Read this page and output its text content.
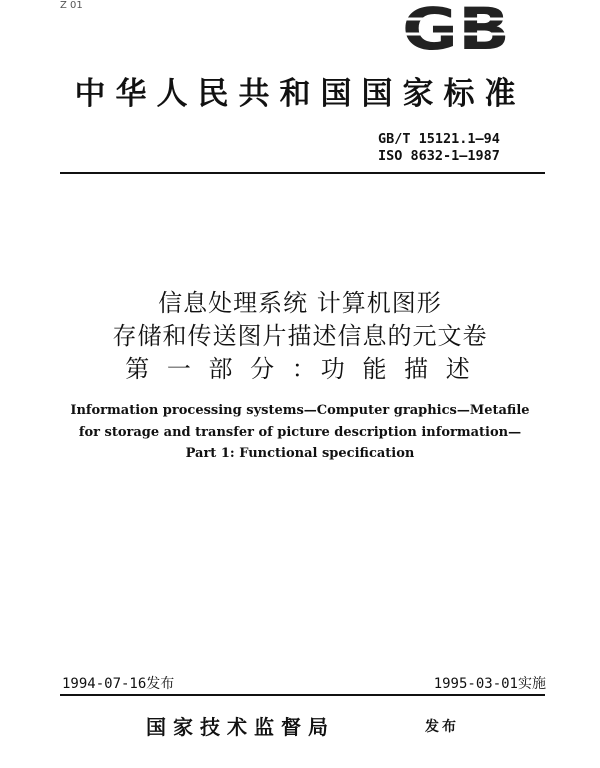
Z 01	GB
中华人民共和国国家标准
GB/T 15121.1—94
ISO 8632-1—1987
信息处理系统 计算机图形
存储和传送图片描述信息的元文卷
第 一 部 分 ：功 能 描 述
Information processing systems—Computer graphics—Metafile
for storage and transfer of picture description information—
Part 1: Functional specification
1994-07-16发布	1995-03-01实施
国家技术监督局	发布
